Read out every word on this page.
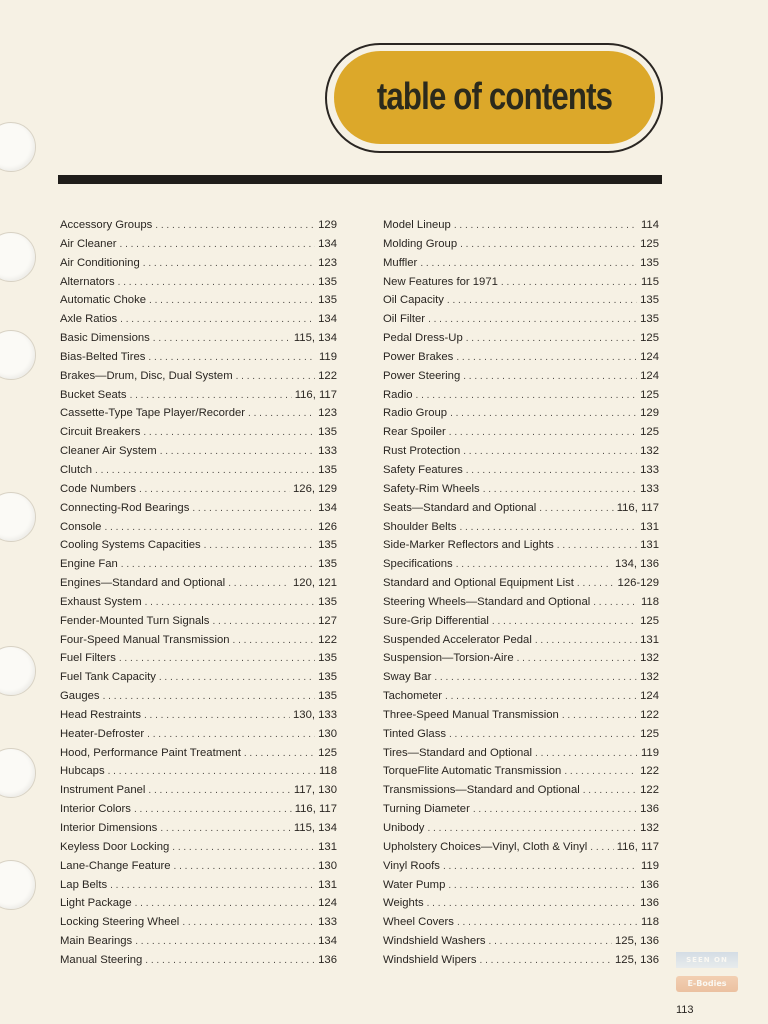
table of contents
Accessory Groups . . .	129
Air Cleaner . . .	134
Air Conditioning . . .	123
Alternators . . .	135
Automatic Choke . . .	135
Axle Ratios . . .	134
Basic Dimensions . . .	115, 134
Bias-Belted Tires . . .	119
Brakes—Drum, Disc, Dual System . . .	122
Bucket Seats . . .	116, 117
Cassette-Type Tape Player/Recorder . . .	123
Circuit Breakers . . .	135
Cleaner Air System . . .	133
Clutch . . .	135
Code Numbers . . .	126, 129
Connecting-Rod Bearings . . .	134
Console . . .	126
Cooling Systems Capacities . . .	135
Engine Fan . . .	135
Engines—Standard and Optional . . .	120, 121
Exhaust System . . .	135
Fender-Mounted Turn Signals . . .	127
Four-Speed Manual Transmission . . .	122
Fuel Filters . . .	135
Fuel Tank Capacity . . .	135
Gauges . . .	135
Head Restraints . . .	130, 133
Heater-Defroster . . .	130
Hood, Performance Paint Treatment . . .	125
Hubcaps . . .	118
Instrument Panel . . .	117, 130
Interior Colors . . .	116, 117
Interior Dimensions . . .	115, 134
Keyless Door Locking . . .	131
Lane-Change Feature . . .	130
Lap Belts . . .	131
Light Package . . .	124
Locking Steering Wheel . . .	133
Main Bearings . . .	134
Manual Steering . . .	136
Model Lineup . . .	114
Molding Group . . .	125
Muffler . . .	135
New Features for 1971 . . .	115
Oil Capacity . . .	135
Oil Filter . . .	135
Pedal Dress-Up . . .	125
Power Brakes . . .	124
Power Steering . . .	124
Radio . . .	125
Radio Group . . .	129
Rear Spoiler . . .	125
Rust Protection . . .	132
Safety Features . . .	133
Safety-Rim Wheels . . .	133
Seats—Standard and Optional . . .	116, 117
Shoulder Belts . . .	131
Side-Marker Reflectors and Lights . . .	131
Specifications . . .	134, 136
Standard and Optional Equipment List . . .	126-129
Steering Wheels—Standard and Optional . . .	118
Sure-Grip Differential . . .	125
Suspended Accelerator Pedal . . .	131
Suspension—Torsion-Aire . . .	132
Sway Bar . . .	132
Tachometer . . .	124
Three-Speed Manual Transmission . . .	122
Tinted Glass . . .	125
Tires—Standard and Optional . . .	119
TorqueFlite Automatic Transmission . . .	122
Transmissions—Standard and Optional . . .	122
Turning Diameter . . .	136
Unibody . . .	132
Upholstery Choices—Vinyl, Cloth & Vinyl . . .	116, 117
Vinyl Roofs . . .	119
Water Pump . . .	136
Weights . . .	136
Wheel Covers . . .	118
Windshield Washers . . .	125, 136
Windshield Wipers . . .	125, 136	SEEN ON
E-Bodies
113
